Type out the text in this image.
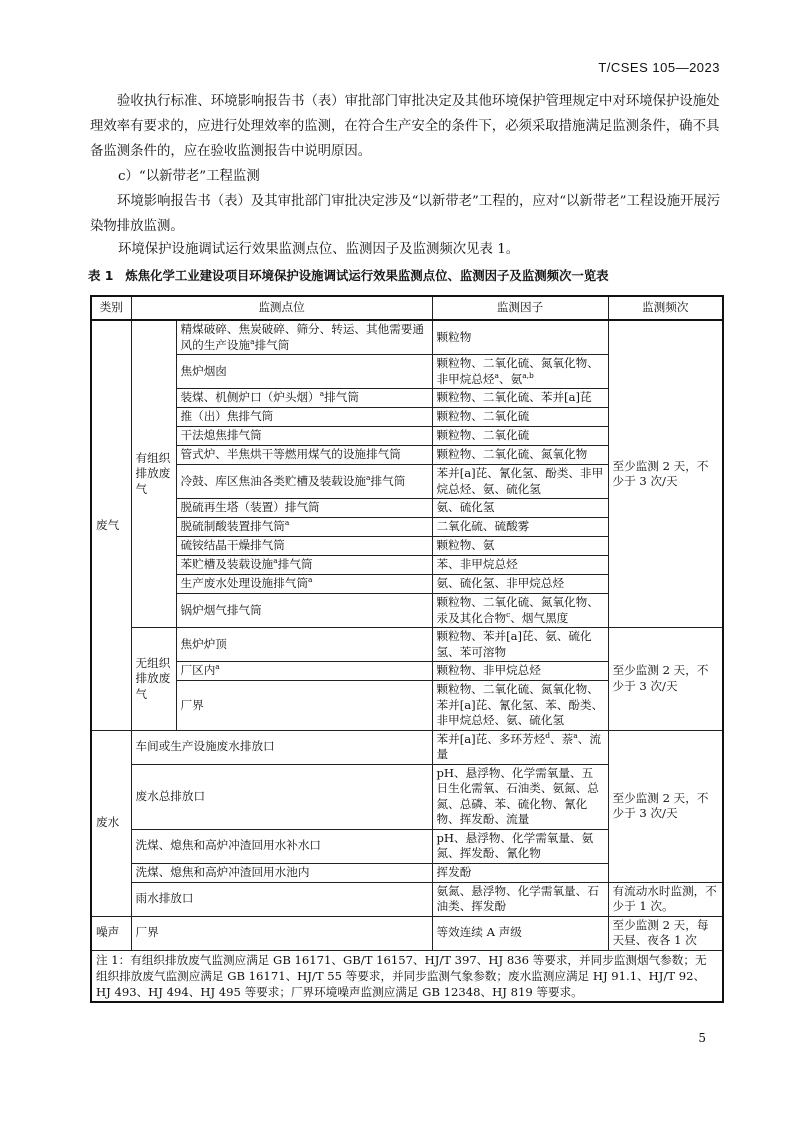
T/CSES 105—2023

验收执行标准、环境影响报告书（表）审批部门审批决定及其他环境保护管理规定中对环境保护设施处理效率有要求的，应进行处理效率的监测，在符合生产安全的条件下，必须采取措施满足监测条件，确不具备监测条件的，应在验收监测报告中说明原因。

c）“以新带老”工程监测

环境影响报告书（表）及其审批部门审批决定涉及“以新带老”工程的，应对“以新带老”工程设施开展污染物排放监测。

环境保护设施调试运行效果监测点位、监测因子及监测频次见表 1。

表 1 炼焦化学工业建设项目环境保护设施调试运行效果监测点位、监测因子及监测频次一览表
类别	监测点位		监测因子	监测频次
废气	有组织排放废气	精煤破碎、焦炭破碎、筛分、转运、其他需要通风的生产设施$^a$排气筒	颗粒物	至少监测 2 天，不少于 3 次/天
		焦炉烟囱	颗粒物、二氧化硫、氮氧化物、非甲烷总烃$^a$、氨$^{a,b}$
		装煤、机侧炉口（炉头烟）$^a$排气筒	颗粒物、二氧化硫、苯并[a]芘	
		推（出）焦排气筒	颗粒物、二氧化硫	
		干法熄焦排气筒	颗粒物、二氧化硫	
		管式炉、半焦烘干等燃用煤气的设施排气筒	颗粒物、二氧化硫、氮氧化物	
		冷鼓、库区焦油各类贮槽及装载设施$^a$排气筒	苯并[a]芘、氰化氢、酚类、非甲烷总烃、氨、硫化氢	
		脱硫再生塔（装置）排气筒	氨、硫化氢	
		脱硫制酸装置排气筒$^a$	二氧化硫、硫酸雾	
		硫铵结晶干燥排气筒	颗粒物、氨	
		苯贮槽及装载设施$^a$排气筒	苯、非甲烷总烃	
		生产废水处理设施排气筒$^a$	氨、硫化氢、非甲烷总烃	
		锅炉烟气排气筒	颗粒物、二氧化硫、氮氧化物、汞及其化合物$^c$、烟气黑度	
	无组织排放废气	焦炉炉顶	颗粒物、苯并[a]芘、氨、硫化氢、苯可溶物	至少监测 2 天，不少于 3 次/天
		厂区内$^a$	颗粒物、非甲烷总烃	
		厂界	颗粒物、二氧化硫、氮氧化物、苯并[a]芘、氰化氢、苯、酚类、非甲烷总烃、氨、硫化氢	
废水	车间或生产设施废水排放口		苯并[a]芘、多环芳烃$^d$、萘$^a$、流量	至少监测 2 天，不少于 3 次/天
	废水总排放口		pH、悬浮物、化学需氧量、五日生化需氧、石油类、氨氮、总氮、总磷、苯、硫化物、氰化物、挥发酚、流量	
	洗煤、熄焦和高炉冲渣回用水补水口		pH、悬浮物、化学需氧量、氨氮、挥发酚、氰化物	
	洗煤、熄焦和高炉冲渣回用水池内		挥发酚	
	雨水排放口		氨氮、悬浮物、化学需氧量、石油类、挥发酚	有流动水时监测，不少于 1 次。
噪声	厂界		等效连续 A 声级	至少监测 2 天，每天昼、夜各 1 次
注 1：有组织排放废气监测应满足 GB 16171、GB/T 16157、HJ/T 397、HJ 836 等要求，并同步监测烟气参数；无组织排放废气监测应满足 GB 16171、HJ/T 55 等要求，并同步监测气象参数；废水监测应满足 HJ 91.1、HJ/T 92、HJ 493、HJ 494、HJ 495 等要求；厂界环境噪声监测应满足 GB 12348、HJ 819 等要求。				
5
